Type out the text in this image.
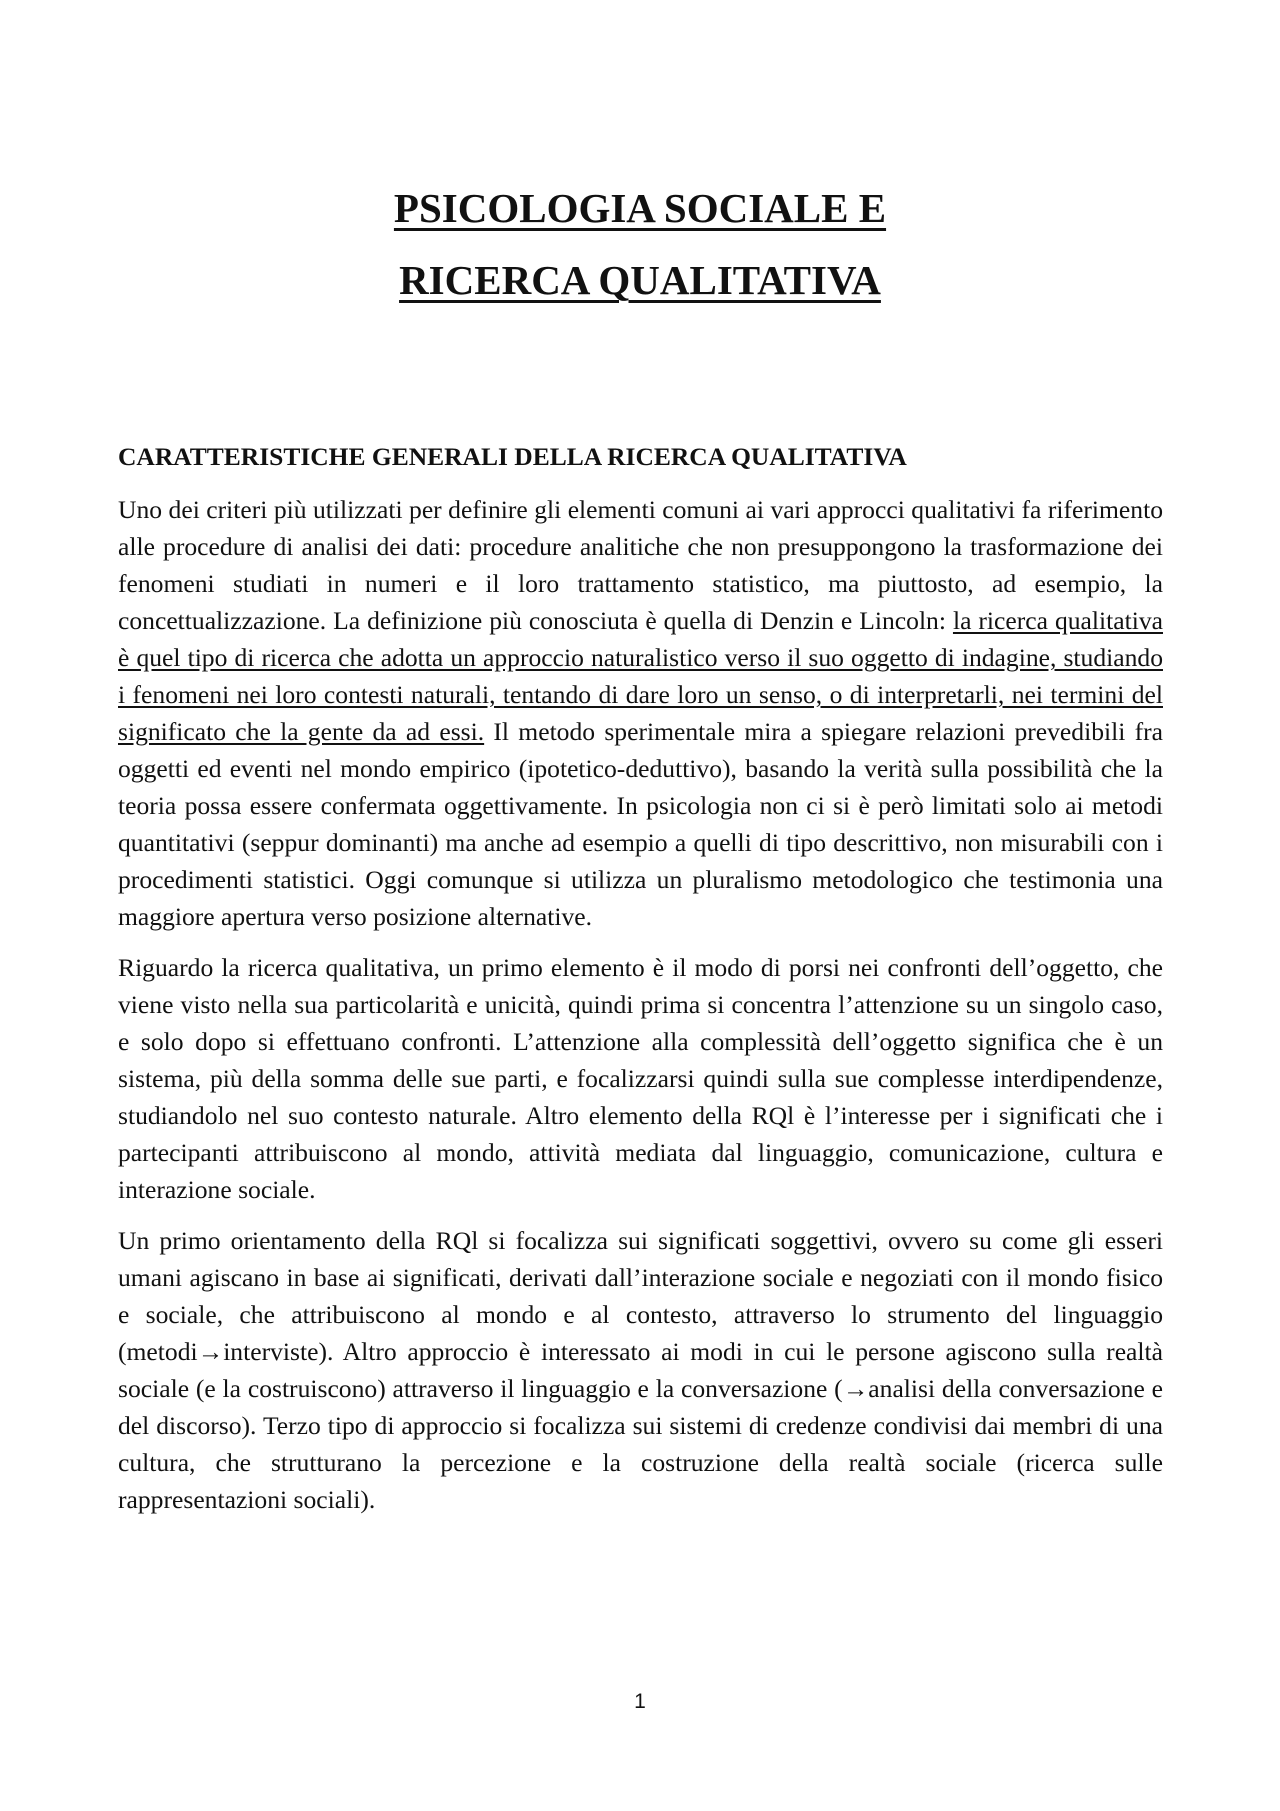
PSICOLOGIA SOCIALE E
RICERCA QUALITATIVA
CARATTERISTICHE GENERALI DELLA RICERCA QUALITATIVA

Uno dei criteri più utilizzati per definire gli elementi comuni ai vari approcci qualitativi fa riferimento alle procedure di analisi dei dati: procedure analitiche che non presuppongono la trasformazione dei fenomeni studiati in numeri e il loro trattamento statistico, ma piuttosto, ad esempio, la concettualizzazione. La definizione più conosciuta è quella di Denzin e Lincoln: la ricerca qualitativa è quel tipo di ricerca che adotta un approccio naturalistico verso il suo oggetto di indagine, studiando i fenomeni nei loro contesti naturali, tentando di dare loro un senso, o di interpretarli, nei termini del significato che la gente da ad essi. Il metodo sperimentale mira a spiegare relazioni prevedibili fra oggetti ed eventi nel mondo empirico (ipotetico-deduttivo), basando la verità sulla possibilità che la teoria possa essere confermata oggettivamente. In psicologia non ci si è però limitati solo ai metodi quantitativi (seppur dominanti) ma anche ad esempio a quelli di tipo descrittivo, non misurabili con i procedimenti statistici. Oggi comunque si utilizza un pluralismo metodologico che testimonia una maggiore apertura verso posizione alternative.

Riguardo la ricerca qualitativa, un primo elemento è il modo di porsi nei confronti dell’oggetto, che viene visto nella sua particolarità e unicità, quindi prima si concentra l’attenzione su un singolo caso, e solo dopo si effettuano confronti. L’attenzione alla complessità dell’oggetto significa che è un sistema, più della somma delle sue parti, e focalizzarsi quindi sulla sue complesse interdipendenze, studiandolo nel suo contesto naturale. Altro elemento della RQl è l’interesse per i significati che i partecipanti attribuiscono al mondo, attività mediata dal linguaggio, comunicazione, cultura e interazione sociale.

Un primo orientamento della RQl si focalizza sui significati soggettivi, ovvero su come gli esseri umani agiscano in base ai significati, derivati dall’interazione sociale e negoziati con il mondo fisico e sociale, che attribuiscono al mondo e al contesto, attraverso lo strumento del linguaggio (metodi→interviste). Altro approccio è interessato ai modi in cui le persone agiscono sulla realtà sociale (e la costruiscono) attraverso il linguaggio e la conversazione (→analisi della conversazione e del discorso). Terzo tipo di approccio si focalizza sui sistemi di credenze condivisi dai membri di una cultura, che strutturano la percezione e la costruzione della realtà sociale (ricerca sulle rappresentazioni sociali).

1
